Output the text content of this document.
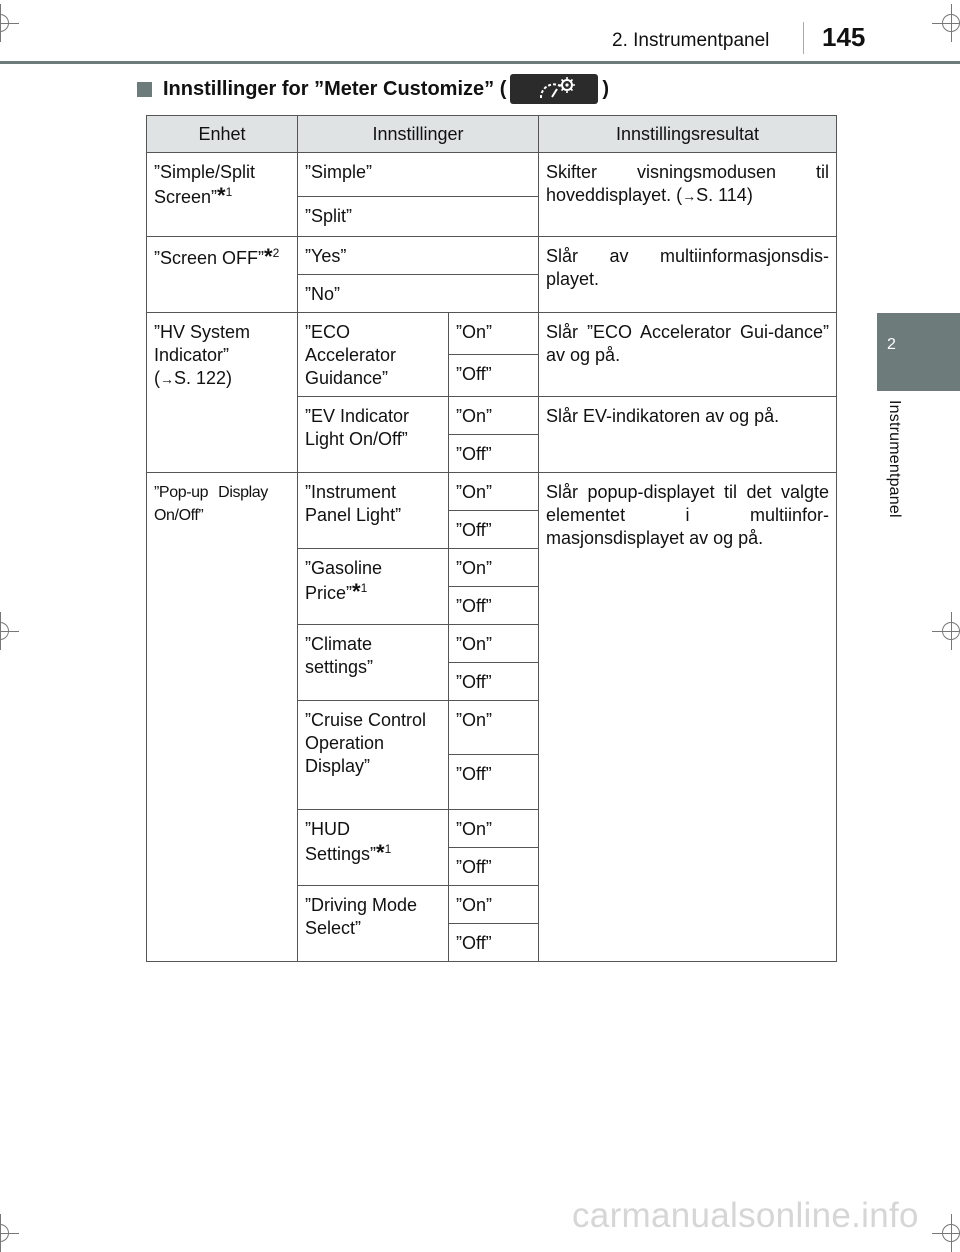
2. Instrumentpanel 145
2
Instrumentpanel
Innstillinger for ”Meter Customize” (	)
Enhet	Innstillinger		Innstillingsresultat
”Simple/Split Screen”*$^1$	”Simple”		Skifter visningsmodusen til hoveddisplayet. (→S. 114)
	”Split”		
”Screen OFF”*$^2$	”Yes”		Slår av multiinformasjonsdis-playet.
	”No”		

”HV System Indicator”
(→S. 122)	”ECO Accelerator Guidance”	”On”	Slår ”ECO Accelerator Gui-dance” av og på.
		”Off”	
	”EV Indicator Light On/Off”	”On”	Slår EV-indikatoren av og på.
		”Off”	
”Pop-up Display On/Off”	”Instrument Panel Light”	”On”	Slår popup-displayet til det valgte elementet i multiinfor-masjonsdisplayet av og på.
		”Off”	
	”Gasoline Price”*$^1$	”On”	
		”Off”	
	”Climate settings”	”On”	
		”Off”	
	”Cruise Control Operation Display”	”On”	
		”Off”	
	”HUD Settings”*$^1$	”On”	
		”Off”	
	”Driving Mode Select”	”On”	
		”Off”	
carmanualsonline.info
